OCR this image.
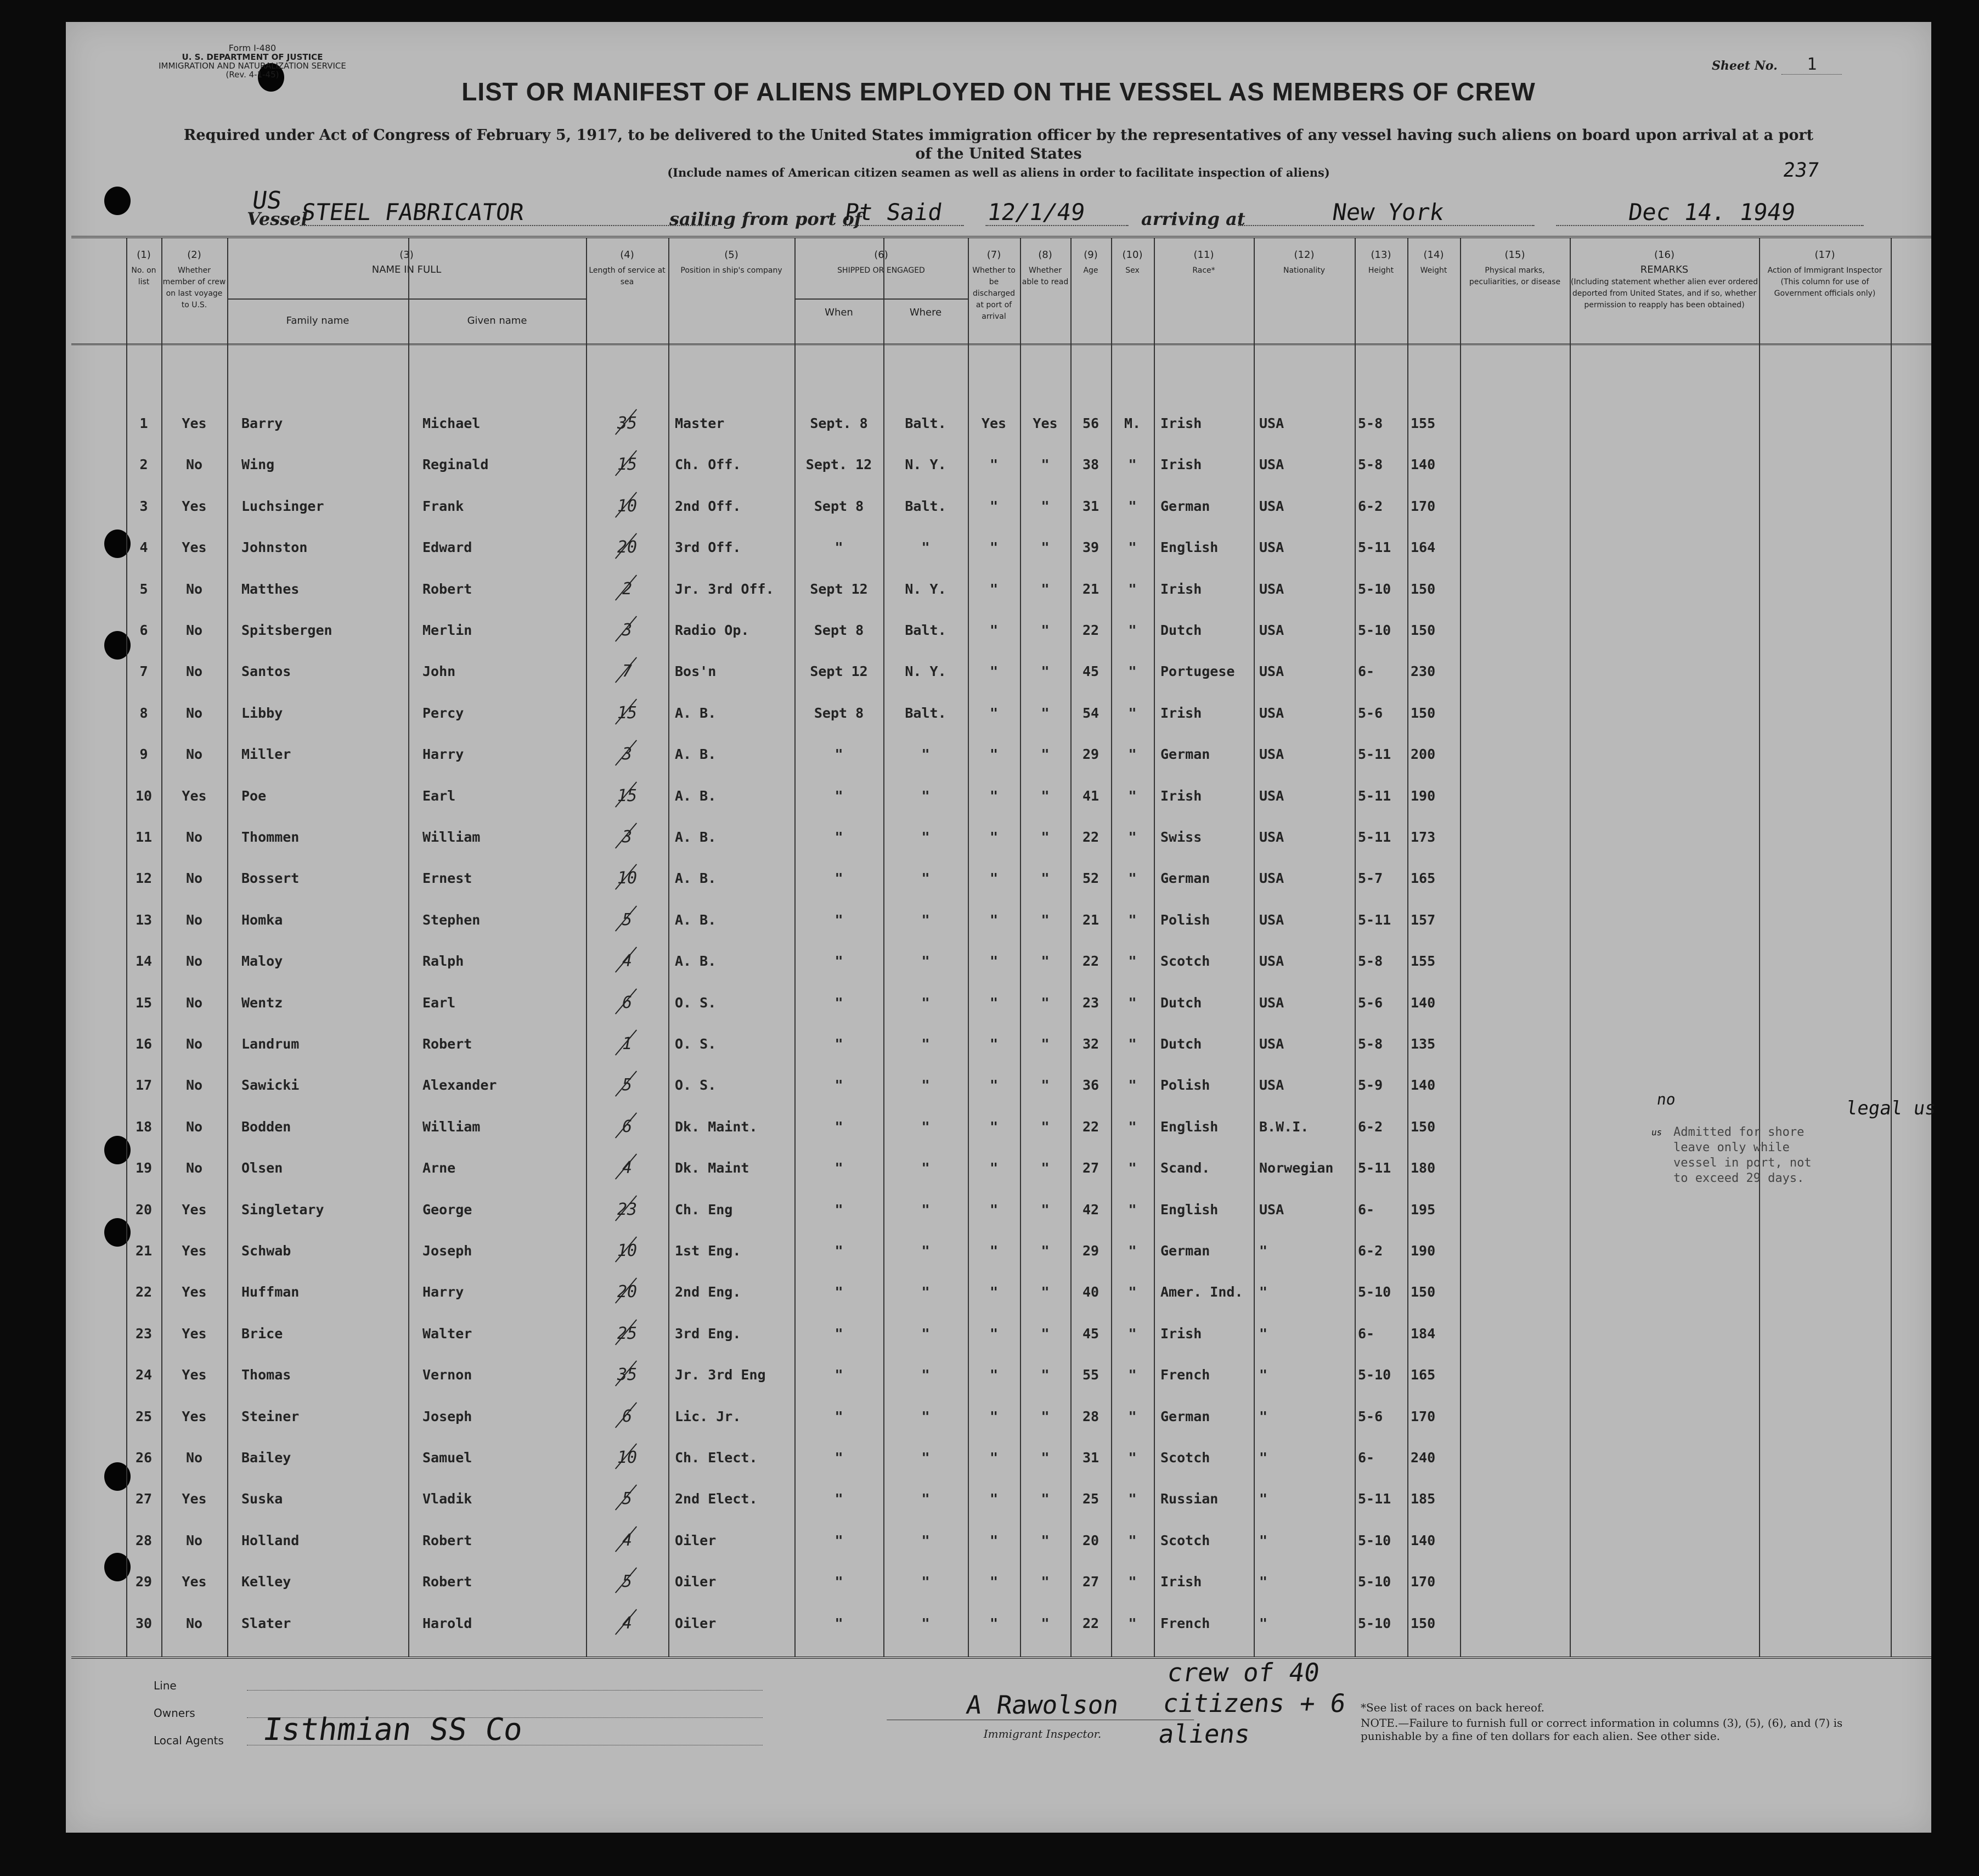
Form I-480
U. S. DEPARTMENT OF JUSTICE
IMMIGRATION AND NATURALIZATION SERVICE
(Rev. 4-1-45)
Sheet No. 1
LIST OR MANIFEST OF ALIENS EMPLOYED ON THE VESSEL AS MEMBERS OF CREW
Required under Act of Congress of February 5, 1917, to be delivered to the United States immigration officer by the representatives of any vessel having such aliens on board upon arrival at a port of the United States
(Include names of American citizen seamen as well as aliens in order to facilitate inspection of aliens)	237
US
Vessel
STEEL FABRICATOR	sailing from port of
Pt Said	12/1/49	arriving at	New York	Dec 14. 1949
(1)
No. on list
(2)
Whether member of crew on last voyage to U.S.
(3)
NAME IN FULL
Family name	Given name
(4)
Length of service at sea
(5)
Position in ship's company
(6)
SHIPPED OR ENGAGED
When	Where
(7)
Whether to be discharged at port of arrival
(8)
Whether able to read
(9)
Age
(10)
Sex
(11)
Race*
(12)
Nationality
(13)
Height
(14)
Weight
(15)
Physical marks, peculiarities, or disease
(16)
REMARKS
(Including statement whether alien ever ordered deported from United States, and if so, whether permission to reapply has been obtained)
(17)
Action of Immigrant Inspector
(This column for use of Government officials only)
1	Yes	Barry	Michael	35	Master	Sept. 8	Balt.	Yes	Yes	56	M.	Irish	USA	5-8	155
2	No	Wing	Reginald	15	Ch. Off.	Sept. 12	N. Y.	"	"	38	"	Irish	USA	5-8	140
3	Yes	Luchsinger	Frank	10	2nd Off.	Sept 8	Balt.	"	"	31	"	German	USA	6-2	170
4	Yes	Johnston	Edward	20	3rd Off.	"	"	"	"	39	"	English	USA	5-11	164
5	No	Matthes	Robert	2	Jr. 3rd Off.	Sept 12	N. Y.	"	"	21	"	Irish	USA	5-10	150
6	No	Spitsbergen	Merlin	3	Radio Op.	Sept 8	Balt.	"	"	22	"	Dutch	USA	5-10	150
7	No	Santos	John	7	Bos'n	Sept 12	N. Y.	"	"	45	"	Portugese	USA	6-	230
8	No	Libby	Percy	15	A. B.	Sept 8	Balt.	"	"	54	"	Irish	USA	5-6	150
9	No	Miller	Harry	3	A. B.	"	"	"	"	29	"	German	USA	5-11	200
10	Yes	Poe	Earl	15	A. B.	"	"	"	"	41	"	Irish	USA	5-11	190
11	No	Thommen	William	3	A. B.	"	"	"	"	22	"	Swiss	USA	5-11	173
12	No	Bossert	Ernest	10	A. B.	"	"	"	"	52	"	German	USA	5-7	165
13	No	Homka	Stephen	5	A. B.	"	"	"	"	21	"	Polish	USA	5-11	157
14	No	Maloy	Ralph	4	A. B.	"	"	"	"	22	"	Scotch	USA	5-8	155
15	No	Wentz	Earl	6	O. S.	"	"	"	"	23	"	Dutch	USA	5-6	140
16	No	Landrum	Robert	1	O. S.	"	"	"	"	32	"	Dutch	USA	5-8	135
17	No	Sawicki	Alexander	5	O. S.	"	"	"	"	36	"	Polish	USA	5-9	140
18	No	Bodden	William	6	Dk. Maint.	"	"	"	"	22	"	English	B.W.I.	6-2	150
19	No	Olsen	Arne	4	Dk. Maint	"	"	"	"	27	"	Scand.	Norwegian	5-11	180
20	Yes	Singletary	George	23	Ch. Eng	"	"	"	"	42	"	English	USA	6-	195
21	Yes	Schwab	Joseph	10	1st Eng.	"	"	"	"	29	"	German	"	6-2	190
22	Yes	Huffman	Harry	20	2nd Eng.	"	"	"	"	40	"	Amer. Ind.	"	5-10	150
23	Yes	Brice	Walter	25	3rd Eng.	"	"	"	"	45	"	Irish	"	6-	184
24	Yes	Thomas	Vernon	35	Jr. 3rd Eng	"	"	"	"	55	"	French	"	5-10	165
25	Yes	Steiner	Joseph	6	Lic. Jr.	"	"	"	"	28	"	German	"	5-6	170
26	No	Bailey	Samuel	10	Ch. Elect.	"	"	"	"	31	"	Scotch	"	6-	240
27	Yes	Suska	Vladik	5	2nd Elect.	"	"	"	"	25	"	Russian	"	5-11	185
28	No	Holland	Robert	4	Oiler	"	"	"	"	20	"	Scotch	"	5-10	140
29	Yes	Kelley	Robert	5	Oiler	"	"	"	"	27	"	Irish	"	5-10	170
30	No	Slater	Harold	4	Oiler	"	"	"	"	22	"	French	"	5-10	150
no
us Admitted for shore leave only while vessel in port, not to exceed 29 days.
legal us
Line
Owners
Local Agents Isthmian SS Co
A Rawolson
Immigrant Inspector.
crew of 40 citizens + 6 aliens
*See list of races on back hereof.
NOTE.—Failure to furnish full or correct information in columns (3), (5), (6), and (7) is punishable by a fine of ten dollars for each alien. See other side.
